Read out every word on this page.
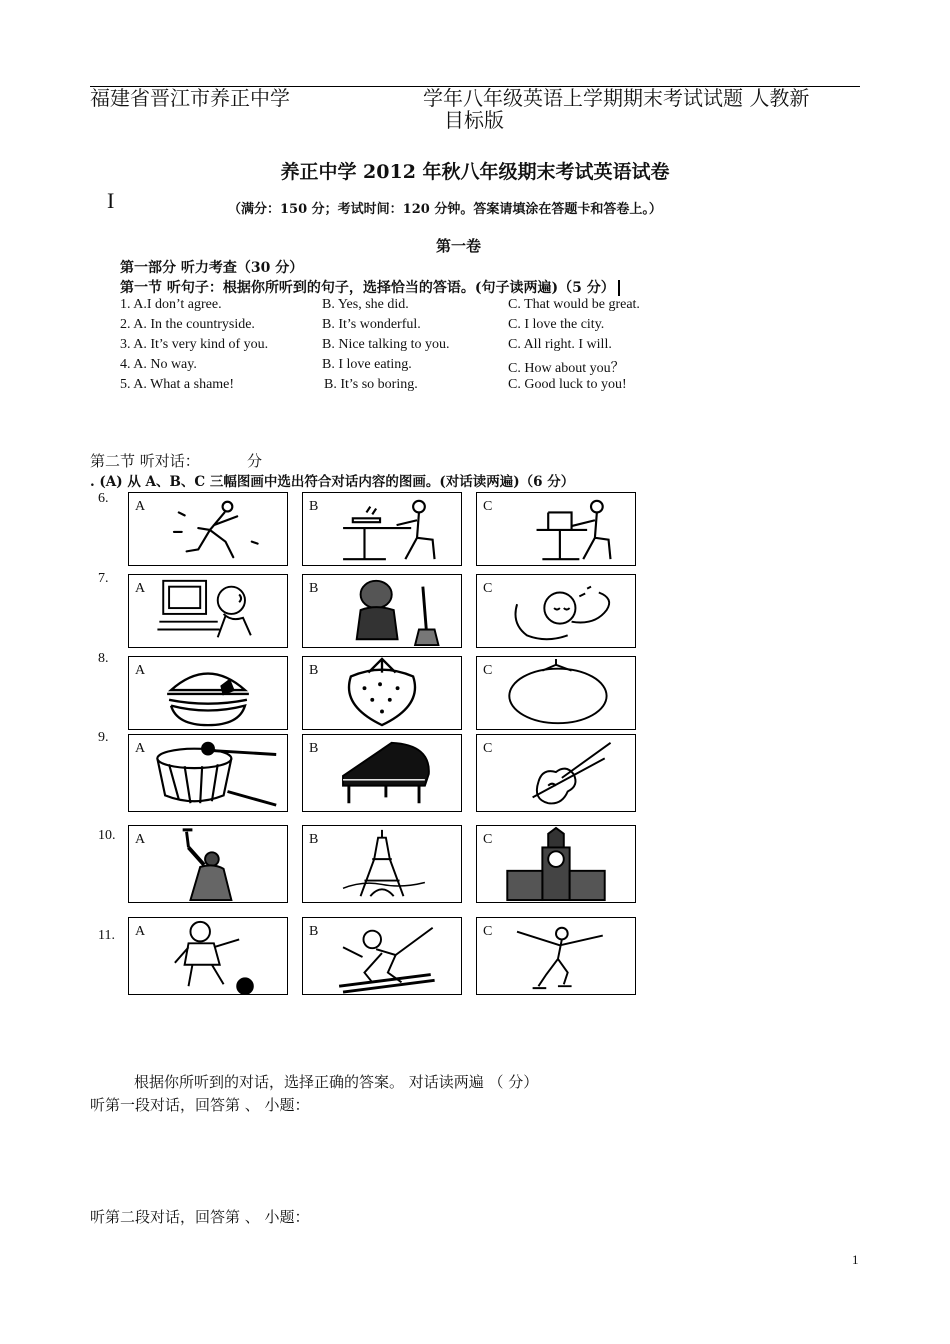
福建省晋江市养正中学	学年八年级英语上学期期末考试试题 人教新
目标版
养正中学 2012 年秋八年级期末考试英语试卷
I	（满分：150 分；考试时间：120 分钟。答案请填涂在答题卡和答卷上。）
第一卷
第一部分 听力考查（30 分）
第一节 听句子：根据你所听到的句子，选择恰当的答语。(句子读两遍)（5 分）
1. A.I don’t agree.	B. Yes, she did.	C. That would be great.
2. A. In the countryside.	B. It’s wonderful.	C. I love the city.
3. A. It’s very kind of you.	B. Nice talking to you.	C. All right. I will.
4. A. No way.	B. I love eating.	C. How about you？
5. A. What a shame!	B. It’s so boring.	C. Good luck to you!
第二节 听对话：	分
. (A) 从 A、B、C 三幅图画中选出符合对话内容的图画。(对话读两遍)（6 分）
6.
A	B	C
7.
A	B	C
8.
A	B	C
9.
A	B	C
10. A	B	C
11. A	B	C
根据你所听到的对话，选择正确的答案。 对话读两遍 （ 分）
听第一段对话，回答第 、 小题：
听第二段对话，回答第 、 小题：
1
